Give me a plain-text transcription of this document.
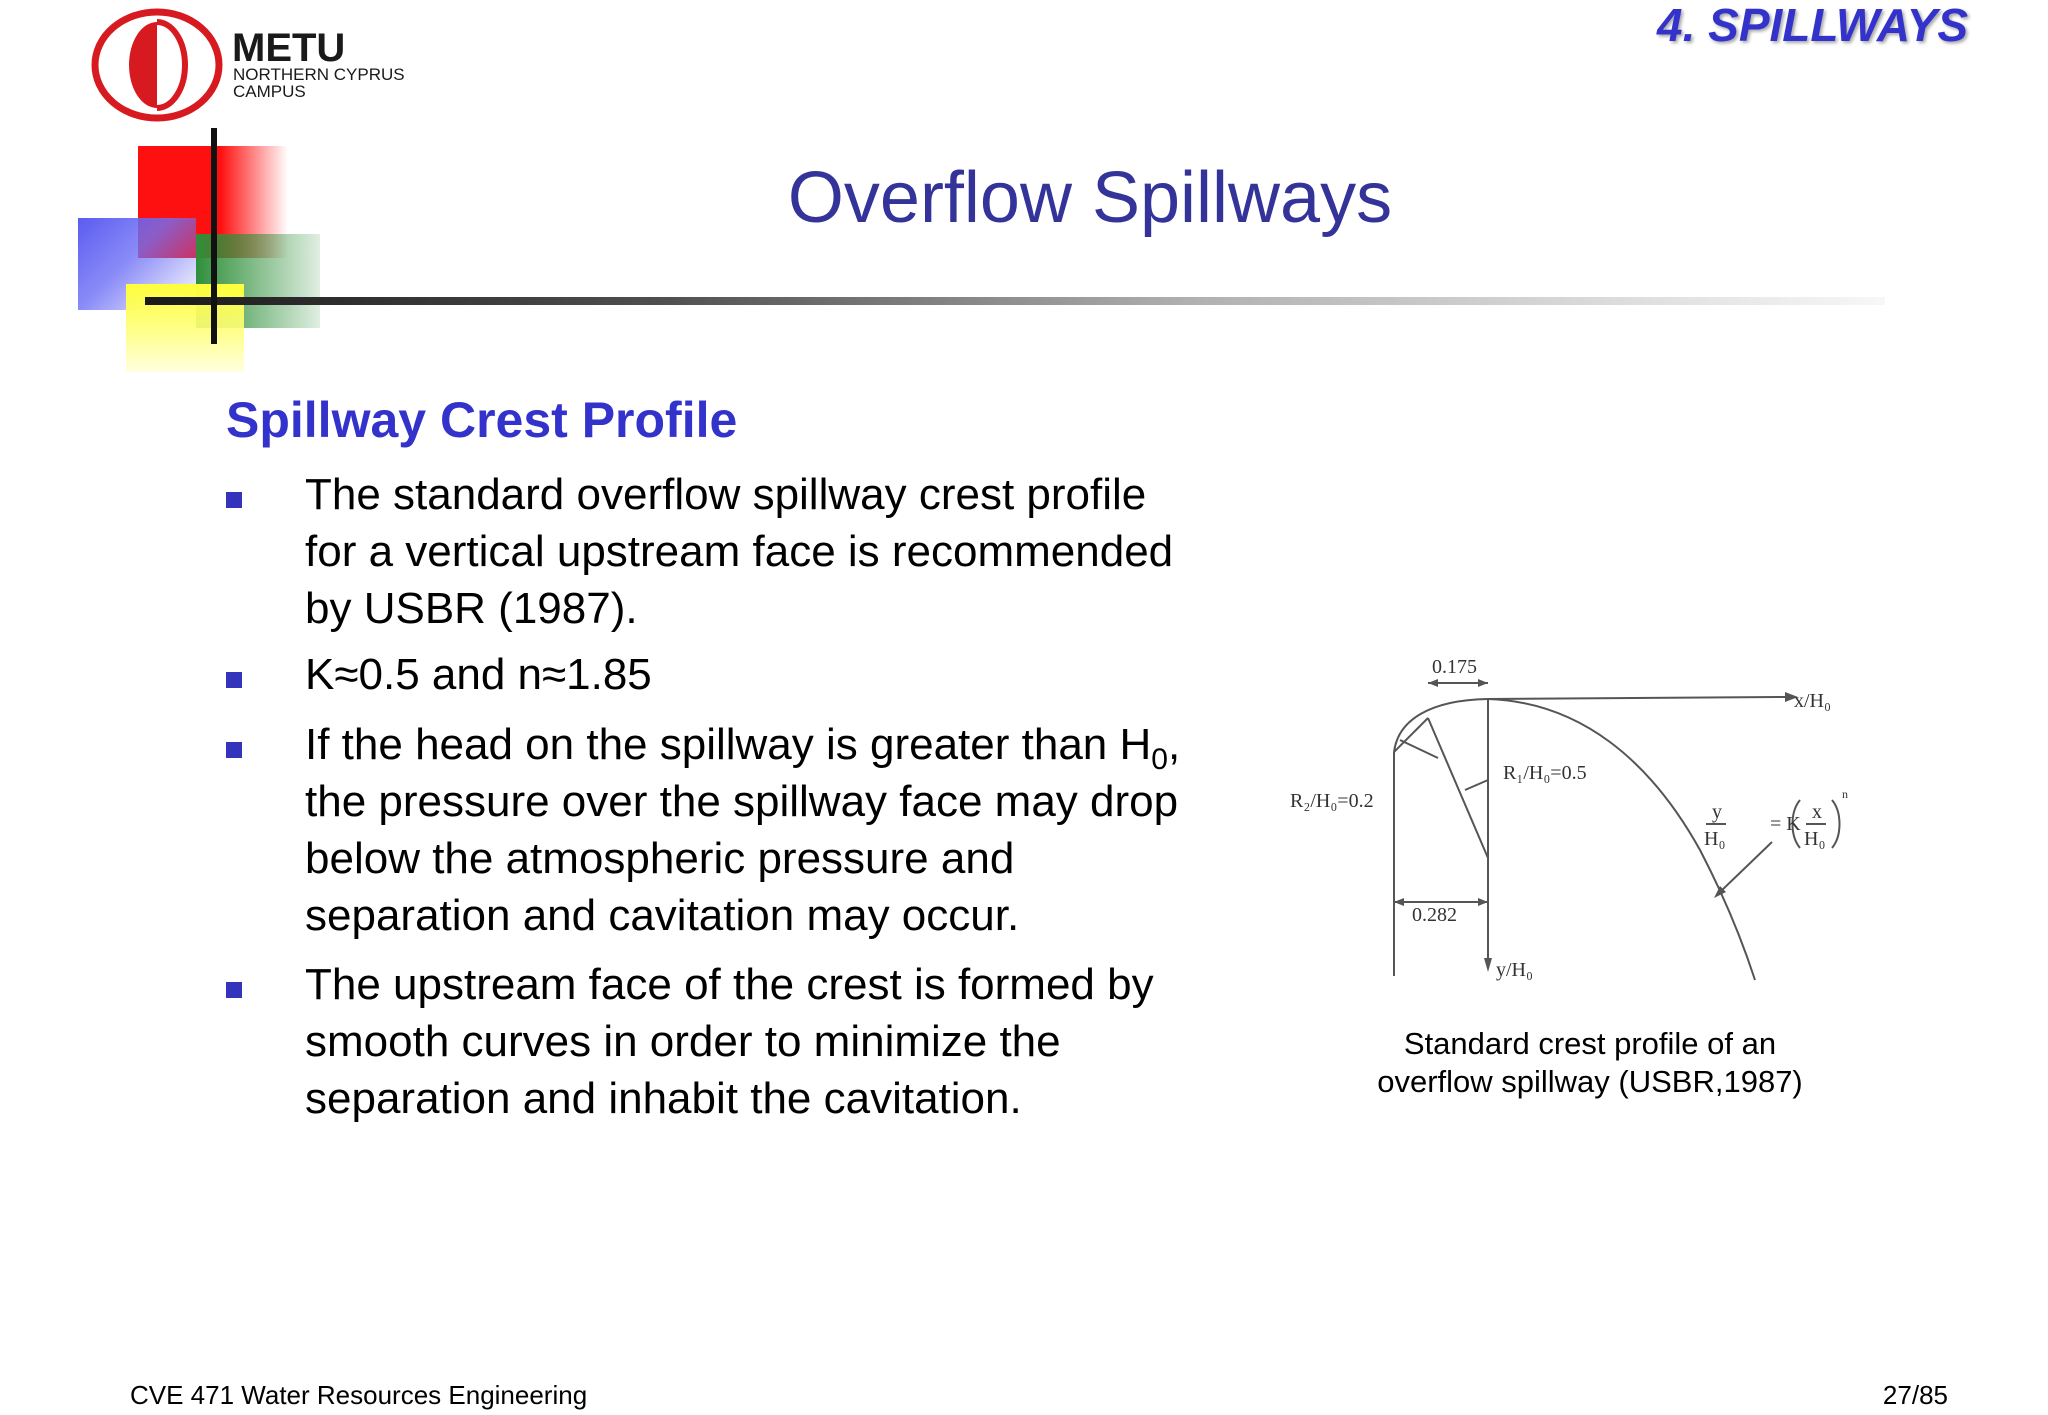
METU
NORTHERN CYPRUS
CAMPUS
4. SPILLWAYS
Overflow Spillways
Spillway Crest Profile
The standard overflow spillway crest profile
for a vertical upstream face is recommended
by USBR (1987).
K≈0.5 and n≈1.85
If the head on the spillway is greater than $H_0$,
the pressure over the spillway face may drop
below the atmospheric pressure and
separation and cavitation may occur.
The upstream face of the crest is formed by
smooth curves in order to minimize the
separation and inhabit the cavitation.
0.175
x/H₀
R₁/H₀=0.5
R₂/H₀=0.2
0.282
y/H₀
y
H₀
= K
x
H₀
n
Standard crest profile of an
overflow spillway (USBR,1987)
CVE 471 Water Resources Engineering	27/85
